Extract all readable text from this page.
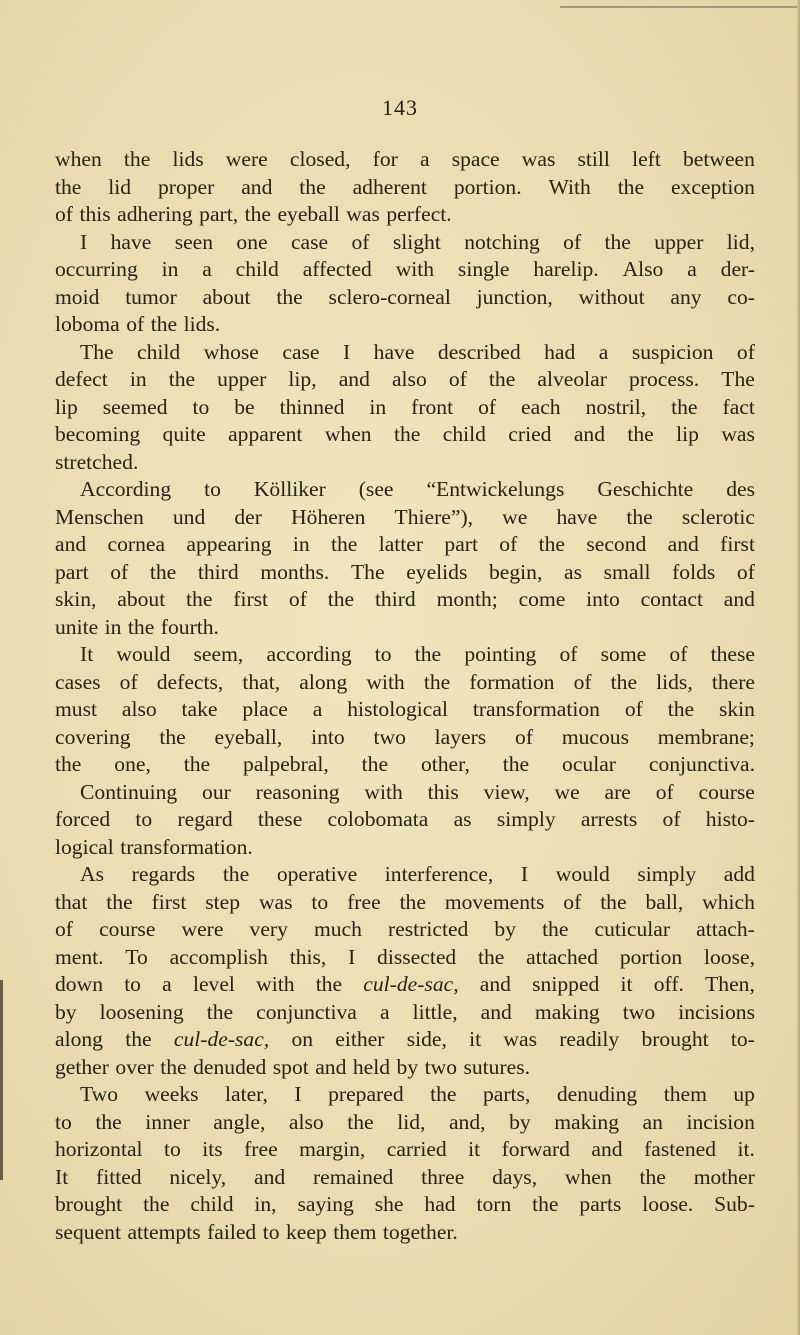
143
when the lids were closed, for a space was still left between
the lid proper and the adherent portion. With the exception
of this adhering part, the eyeball was perfect.
I have seen one case of slight notching of the upper lid,
occurring in a child affected with single harelip. Also a der-
moid tumor about the sclero-corneal junction, without any co-
loboma of the lids.
The child whose case I have described had a suspicion of
defect in the upper lip, and also of the alveolar process. The
lip seemed to be thinned in front of each nostril, the fact
becoming quite apparent when the child cried and the lip was
stretched.
According to Kölliker (see “Entwickelungs Geschichte des
Menschen und der Höheren Thiere”), we have the sclerotic
and cornea appearing in the latter part of the second and first
part of the third months. The eyelids begin, as small folds of
skin, about the first of the third month; come into contact and
unite in the fourth.
It would seem, according to the pointing of some of these
cases of defects, that, along with the formation of the lids, there
must also take place a histological transformation of the skin
covering the eyeball, into two layers of mucous membrane;
the one, the palpebral, the other, the ocular conjunctiva.
Continuing our reasoning with this view, we are of course
forced to regard these colobomata as simply arrests of histo-
logical transformation.
As regards the operative interference, I would simply add
that the first step was to free the movements of the ball, which
of course were very much restricted by the cuticular attach-
ment. To accomplish this, I dissected the attached portion loose,
down to a level with the cul-de-sac, and snipped it off. Then,
by loosening the conjunctiva a little, and making two incisions
along the cul-de-sac, on either side, it was readily brought to-
gether over the denuded spot and held by two sutures.
Two weeks later, I prepared the parts, denuding them up
to the inner angle, also the lid, and, by making an incision
horizontal to its free margin, carried it forward and fastened it.
It fitted nicely, and remained three days, when the mother
brought the child in, saying she had torn the parts loose. Sub-
sequent attempts failed to keep them together.
